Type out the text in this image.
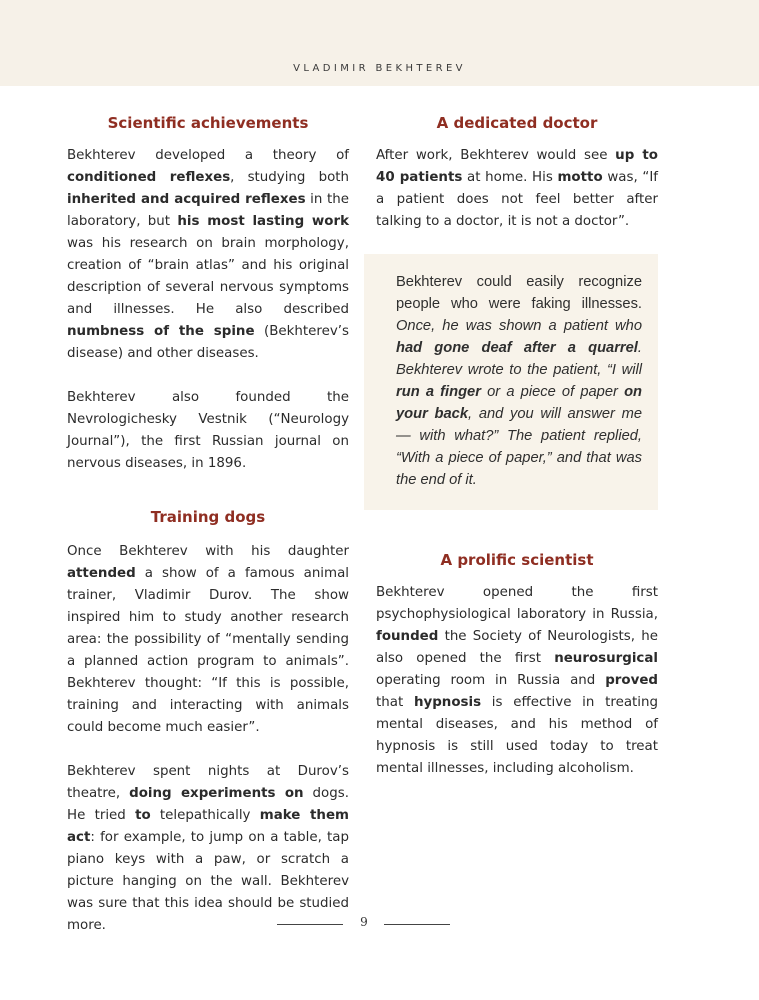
VLADIMIR BEKHTEREV
Scientific achievements

Bekhterev developed a theory of conditioned reflexes, studying both inherited and acquired reflexes in the laboratory, but his most lasting work was his research on brain morphology, creation of “brain atlas” and his original description of several nervous symptoms and illnesses. He also described numbness of the spine (Bekhterev’s disease) and other diseases.

Bekhterev also founded the Nevrologichesky Vestnik (“Neurology Journal”), the first Russian journal on nervous diseases, in 1896.

Training dogs

Once Bekhterev with his daughter attended a show of a famous animal trainer, Vladimir Durov. The show inspired him to study another research area: the possibility of “mentally sending a planned action program to animals”. Bekhterev thought: “If this is possible, training and interacting with animals could become much easier”.

Bekhterev spent nights at Durov’s theatre, doing experiments on dogs. He tried to telepathically make them act: for example, to jump on a table, tap piano keys with a paw, or scratch a picture hanging on the wall. Bekhterev was sure that this idea should be studied more.

A dedicated doctor

After work, Bekhterev would see up to 40 patients at home. His motto was, “If a patient does not feel better after talking to a doctor, it is not a doctor”.

Bekhterev could easily recognize people who were faking illnesses. Once, he was shown a patient who had gone deaf after a quarrel. Bekhterev wrote to the patient, “I will run a finger or a piece of paper on your back, and you will answer me — with what?” The patient replied, “With a piece of paper,” and that was the end of it.
A prolific scientist

Bekhterev opened the first psychophysiological laboratory in Russia, founded the Society of Neurologists, he also opened the first neurosurgical operating room in Russia and proved that hypnosis is effective in treating mental diseases, and his method of hypnosis is still used today to treat mental illnesses, including alcoholism.

9
